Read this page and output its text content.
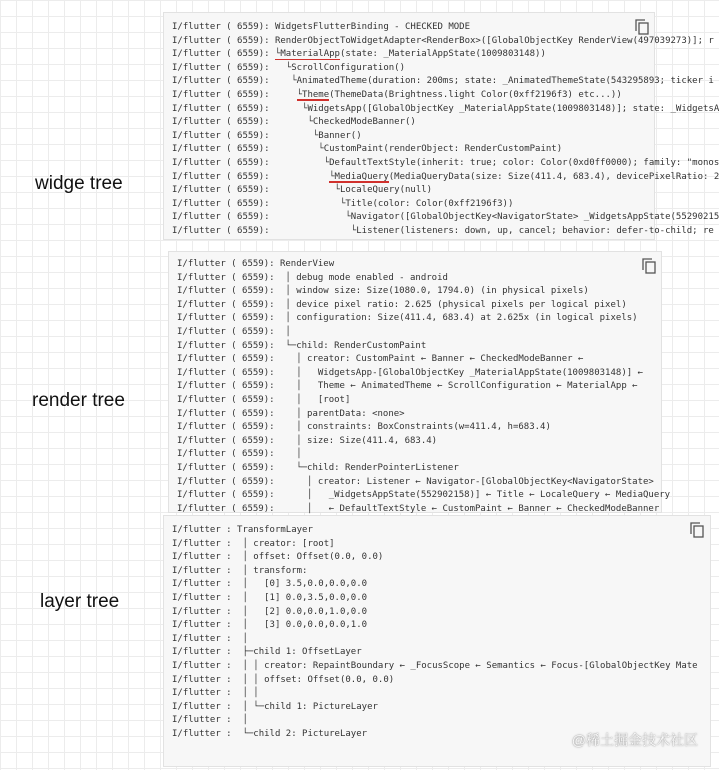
widge tree
render tree
layer tree
I/flutter ( 6559): WidgetsFlutterBinding - CHECKED MODE
I/flutter ( 6559): RenderObjectToWidgetAdapter<RenderBox>([GlobalObjectKey RenderView(497039273)]; r
I/flutter ( 6559): └MaterialApp(state: _MaterialAppState(1009803148))
I/flutter ( 6559):   └ScrollConfiguration()
I/flutter ( 6559):    └AnimatedTheme(duration: 200ms; state: _AnimatedThemeState(543295893; ticker i
I/flutter ( 6559):     └Theme(ThemeData(Brightness.light Color(0xff2196f3) etc...))
I/flutter ( 6559):      └WidgetsApp([GlobalObjectKey _MaterialAppState(1009803148)]; state: _WidgetsA
I/flutter ( 6559):       └CheckedModeBanner()
I/flutter ( 6559):        └Banner()
I/flutter ( 6559):         └CustomPaint(renderObject: RenderCustomPaint)
I/flutter ( 6559):          └DefaultTextStyle(inherit: true; color: Color(0xd0ff0000); family: "monos
I/flutter ( 6559):           └MediaQuery(MediaQueryData(size: Size(411.4, 683.4), devicePixelRatio: 2
I/flutter ( 6559):            └LocaleQuery(null)
I/flutter ( 6559):             └Title(color: Color(0xff2196f3))
I/flutter ( 6559):              └Navigator([GlobalObjectKey<NavigatorState> _WidgetsAppState(55290215
I/flutter ( 6559):               └Listener(listeners: down, up, cancel; behavior: defer-to-child; re
I/flutter ( 6559): RenderView
I/flutter ( 6559):  │ debug mode enabled - android
I/flutter ( 6559):  │ window size: Size(1080.0, 1794.0) (in physical pixels)
I/flutter ( 6559):  │ device pixel ratio: 2.625 (physical pixels per logical pixel)
I/flutter ( 6559):  │ configuration: Size(411.4, 683.4) at 2.625x (in logical pixels)
I/flutter ( 6559):  │
I/flutter ( 6559):  └─child: RenderCustomPaint
I/flutter ( 6559):    │ creator: CustomPaint ← Banner ← CheckedModeBanner ←
I/flutter ( 6559):    │   WidgetsApp-[GlobalObjectKey _MaterialAppState(1009803148)] ←
I/flutter ( 6559):    │   Theme ← AnimatedTheme ← ScrollConfiguration ← MaterialApp ←
I/flutter ( 6559):    │   [root]
I/flutter ( 6559):    │ parentData: <none>
I/flutter ( 6559):    │ constraints: BoxConstraints(w=411.4, h=683.4)
I/flutter ( 6559):    │ size: Size(411.4, 683.4)
I/flutter ( 6559):    │
I/flutter ( 6559):    └─child: RenderPointerListener
I/flutter ( 6559):      │ creator: Listener ← Navigator-[GlobalObjectKey<NavigatorState>
I/flutter ( 6559):      │   _WidgetsAppState(552902158)] ← Title ← LocaleQuery ← MediaQuery
I/flutter ( 6559):      │   ← DefaultTextStyle ← CustomPaint ← Banner ← CheckedModeBanner
I/flutter : TransformLayer
I/flutter :  │ creator: [root]
I/flutter :  │ offset: Offset(0.0, 0.0)
I/flutter :  │ transform:
I/flutter :  │   [0] 3.5,0.0,0.0,0.0
I/flutter :  │   [1] 0.0,3.5,0.0,0.0
I/flutter :  │   [2] 0.0,0.0,1.0,0.0
I/flutter :  │   [3] 0.0,0.0,0.0,1.0
I/flutter :  │
I/flutter :  ├─child 1: OffsetLayer
I/flutter :  │ │ creator: RepaintBoundary ← _FocusScope ← Semantics ← Focus-[GlobalObjectKey Mate
I/flutter :  │ │ offset: Offset(0.0, 0.0)
I/flutter :  │ │
I/flutter :  │ └─child 1: PictureLayer
I/flutter :  │
I/flutter :  └─child 2: PictureLayer	@稀土掘金技术社区
